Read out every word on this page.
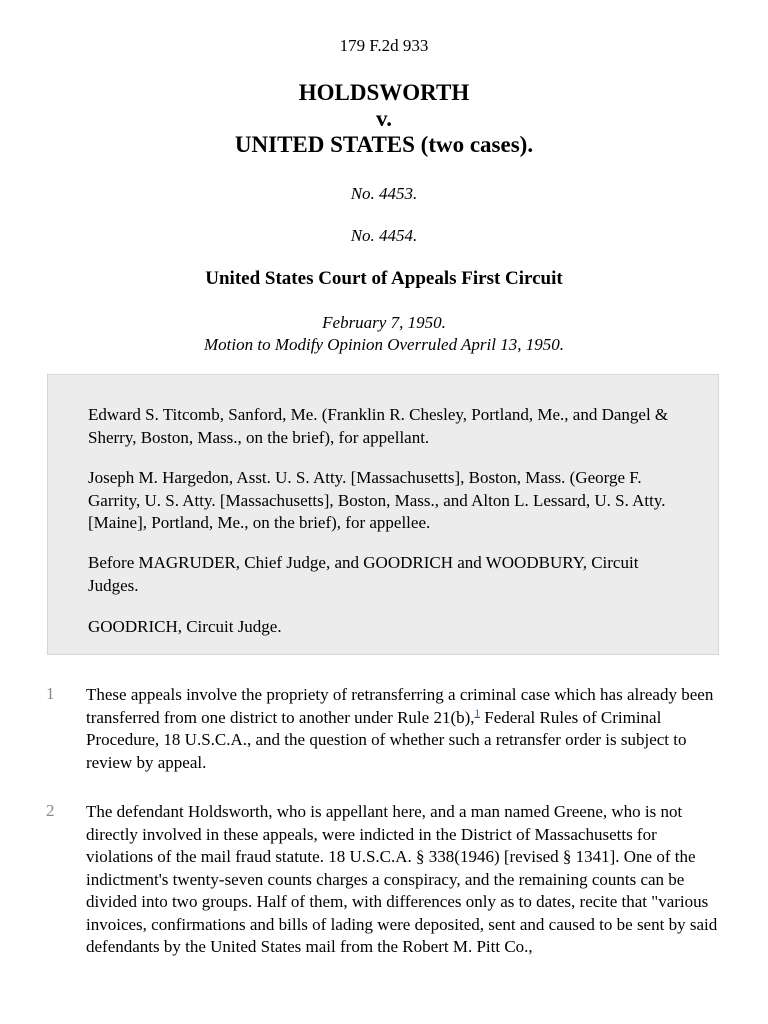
179 F.2d 933
HOLDSWORTH
v.
UNITED STATES (two cases).
No. 4453.
No. 4454.
United States Court of Appeals First Circuit
February 7, 1950.
Motion to Modify Opinion Overruled April 13, 1950.

Edward S. Titcomb, Sanford, Me. (Franklin R. Chesley, Portland, Me., and Dangel & Sherry, Boston, Mass., on the brief), for appellant.

Joseph M. Hargedon, Asst. U. S. Atty. [Massachusetts], Boston, Mass. (George F. Garrity, U. S. Atty. [Massachusetts], Boston, Mass., and Alton L. Lessard, U. S. Atty. [Maine], Portland, Me., on the brief), for appellee.

Before MAGRUDER, Chief Judge, and GOODRICH and WOODBURY, Circuit Judges.

GOODRICH, Circuit Judge.

1 These appeals involve the propriety of retransferring a criminal case which has already been transferred from one district to another under Rule 21(b),$^1$ Federal Rules of Criminal Procedure, 18 U.S.C.A., and the question of whether such a retransfer order is subject to review by appeal.

2 The defendant Holdsworth, who is appellant here, and a man named Greene, who is not directly involved in these appeals, were indicted in the District of Massachusetts for violations of the mail fraud statute. 18 U.S.C.A. § 338(1946) [revised § 1341]. One of the indictment's twenty-seven counts charges a conspiracy, and the remaining counts can be divided into two groups. Half of them, with differences only as to dates, recite that "various invoices, confirmations and bills of lading were deposited, sent and caused to be sent by said defendants by the United States mail from the Robert M. Pitt Co.,
